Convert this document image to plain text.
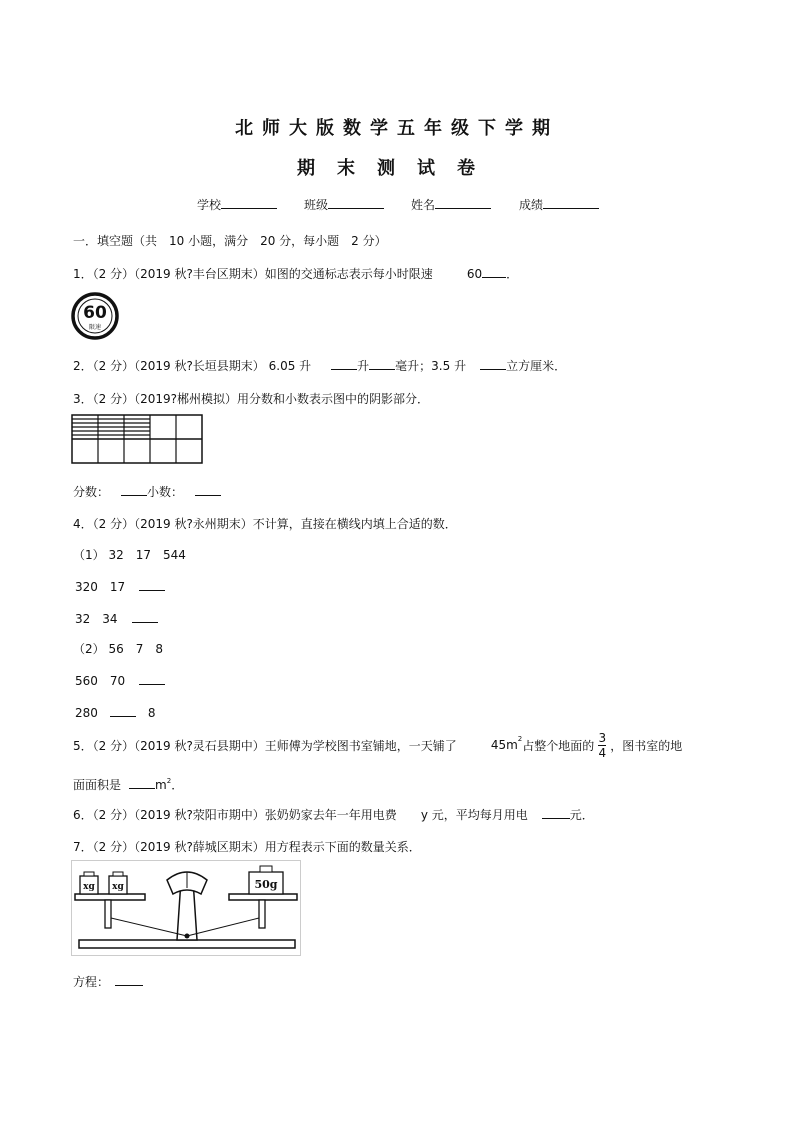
北师大版数学五年级下学期
期末测试卷
学校	班级	姓名	成绩
一．填空题（共　10 小题，满分　20 分，每小题　2 分）
1．（2 分）（2019 秋?丰台区期末）如图的交通标志表示每小时限速	60 ．
60
限速
2．（2 分）（2019 秋?长垣县期末） 6.05 升	升 毫升；3.5 升	立方厘米．
3．（2 分）（2019?郴州模拟）用分数和小数表示图中的阴影部分．
分数：	小数：
4．（2 分）（2019 秋?永州期末）不计算，直接在横线内填上合适的数．
（1） 32　17　544
320　17
32　34
（2） 56　7　8
560　70
280	8
5．（2 分）（2019 秋?灵石县期中）王师傅为学校图书室铺地，一天铺了	45m 2 占整个地面的 $\frac{3}{4}$ ，图书室的地
面面积是	$m^2$．
6．（2 分）（2019 秋?荥阳市期中）张奶奶家去年一年用电费 y 元，平均每月用电	元．
7．（2 分）（2019 秋?薛城区期末）用方程表示下面的数量关系．
xg xg	50g
方程：
